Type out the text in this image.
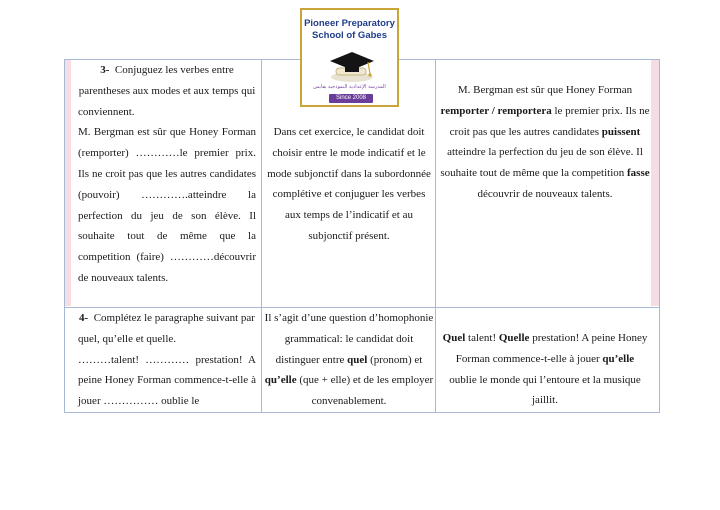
Pioneer Preparatory
School of Gabes
المدرسة الإعدادية النموذجية بقابس
Since 2008
3- Conjuguez les verbes entre parentheses aux modes et aux temps qui conviennent.
M. Bergman est sûr que Honey Forman (remporter) …………le premier prix. Ils ne croit pas que les autres candidates (pouvoir) ………….atteindre la perfection du jeu de son élève. Il souhaite tout de même que la competition (faire) …………découvrir de nouveaux talents.
Dans cet exercice, le candidat doit choisir entre le mode indicatif et le mode subjonctif dans la subordonnée complétive et conjuguer les verbes aux temps de l’indicatif et au subjonctif présent.
M. Bergman est sûr que Honey Forman remporter / remportera le premier prix. Ils ne croit pas que les autres candidates puissent atteindre la perfection du jeu de son élève. Il souhaite tout de même que la competition fasse découvrir de nouveaux talents.
4- Complétez le paragraphe suivant par quel, qu’elle et quelle.
………talent! ………… prestation! A peine Honey Forman commence-t-elle à jouer …………… oublie le
Il s’agit d’une question d’homophonie grammatical: le candidat doit distinguer entre quel (pronom) et qu’elle (que + elle) et de les employer convenablement.
Quel talent! Quelle prestation! A peine Honey Forman commence-t-elle à jouer qu’elle oublie le monde qui l’entoure et la musique jaillit.
